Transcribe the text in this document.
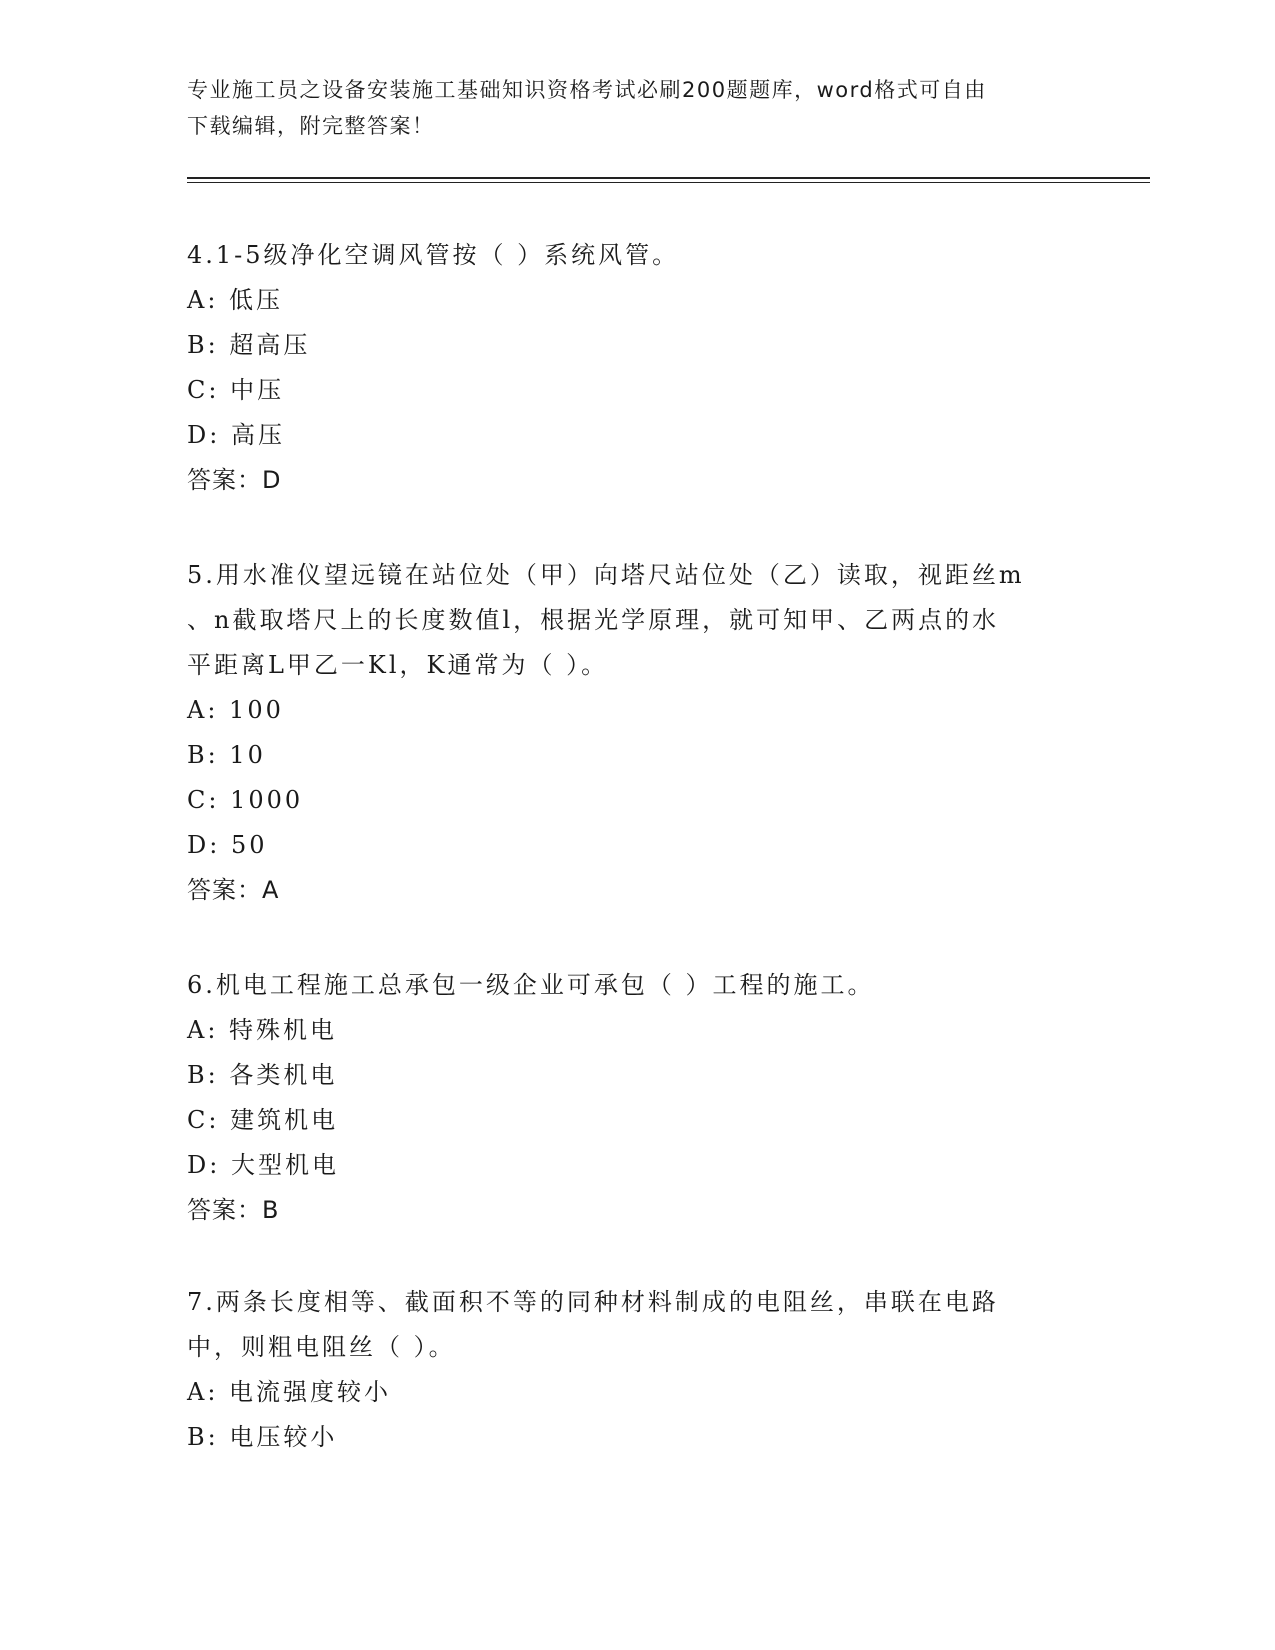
专业施工员之设备安装施工基础知识资格考试必刷200题题库，word格式可自由
下载编辑，附完整答案！

4.1-5级净化空调风管按（ ）系统风管。

A: 低压

B: 超高压

C: 中压

D: 高压

答案：D

5.用水准仪望远镜在站位处（甲）向塔尺站位处（乙）读取，视距丝m

、n截取塔尺上的长度数值l，根据光学原理，就可知甲、乙两点的水

平距离L甲乙一Kl，K通常为（ ）。

A: 100

B: 10

C: 1000

D: 50

答案：A

6.机电工程施工总承包一级企业可承包（ ）工程的施工。

A: 特殊机电

B: 各类机电

C: 建筑机电

D: 大型机电

答案：B

7.两条长度相等、截面积不等的同种材料制成的电阻丝，串联在电路

中，则粗电阻丝（ ）。

A: 电流强度较小

B: 电压较小
